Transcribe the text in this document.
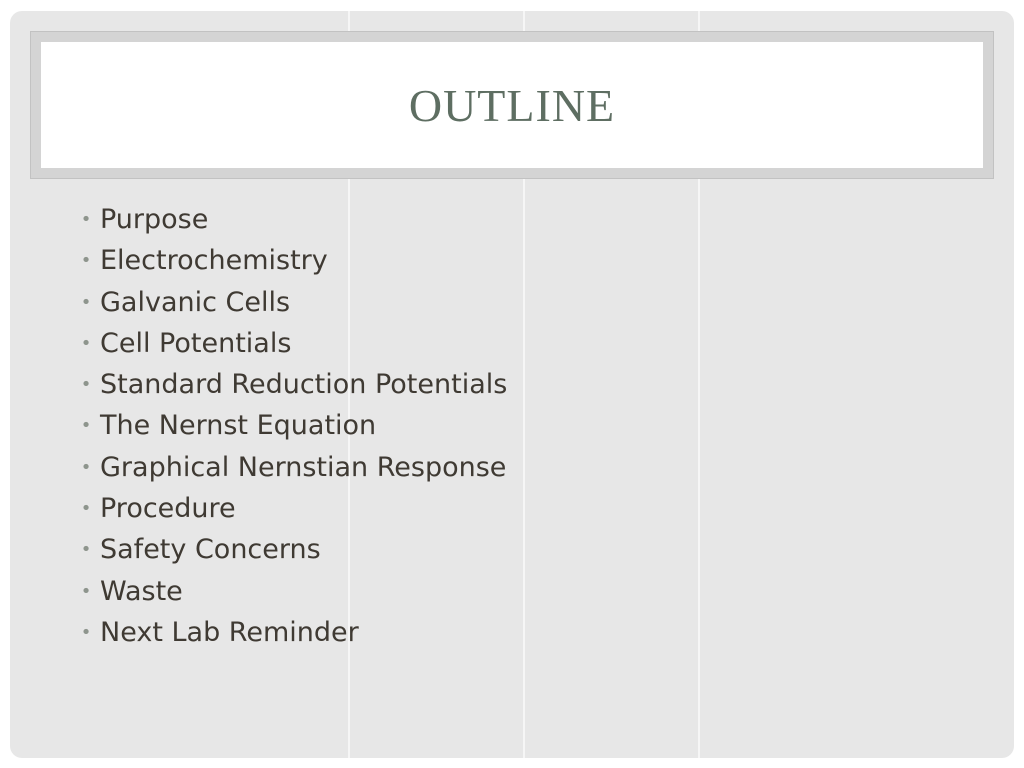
OUTLINE
• Purpose
• Electrochemistry
• Galvanic Cells
• Cell Potentials
• Standard Reduction Potentials
• The Nernst Equation
• Graphical Nernstian Response
• Procedure
• Safety Concerns
• Waste
• Next Lab Reminder
